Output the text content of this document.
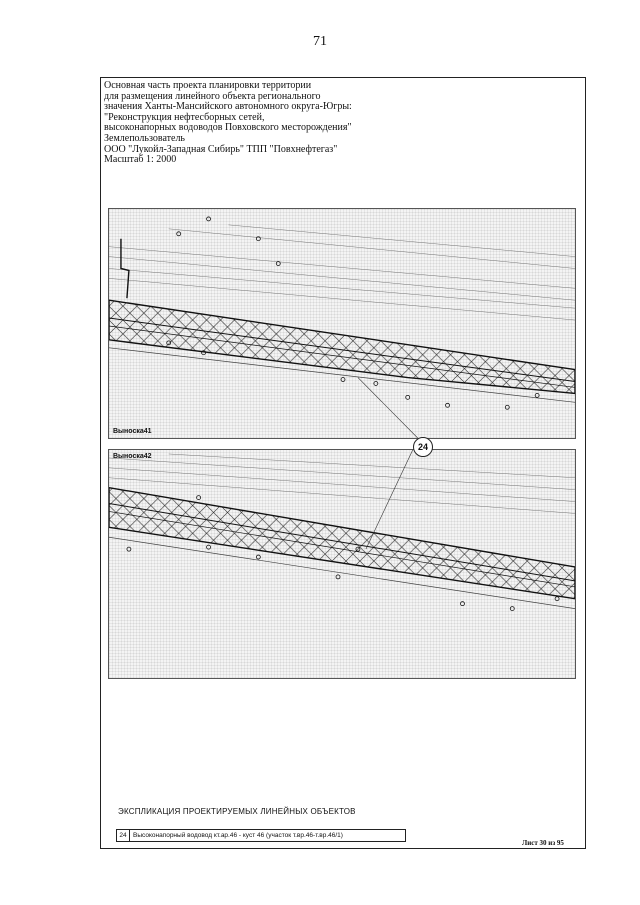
71
Основная часть проекта планировки территории
для размещения линейного объекта регионального
значения Ханты-Мансийского автономного округа-Югры:
"Реконструкция нефтесборных сетей,
высоконапорных водоводов Повховского месторождения"
Землепользователь
ООО "Лукойл-Западная Сибирь" ТПП "Повхнефтегаз"
Масштаб 1: 2000
Выноска41
Выноска42
24
ЭКСПЛИКАЦИЯ ПРОЕКТИРУЕМЫХ ЛИНЕЙНЫХ ОБЪЕКТОВ
24 Высоконапорный водовод кт.ар.46 - куст 46 (участок т.вр.46-т.вр.46/1)
Лист 30 из 95
